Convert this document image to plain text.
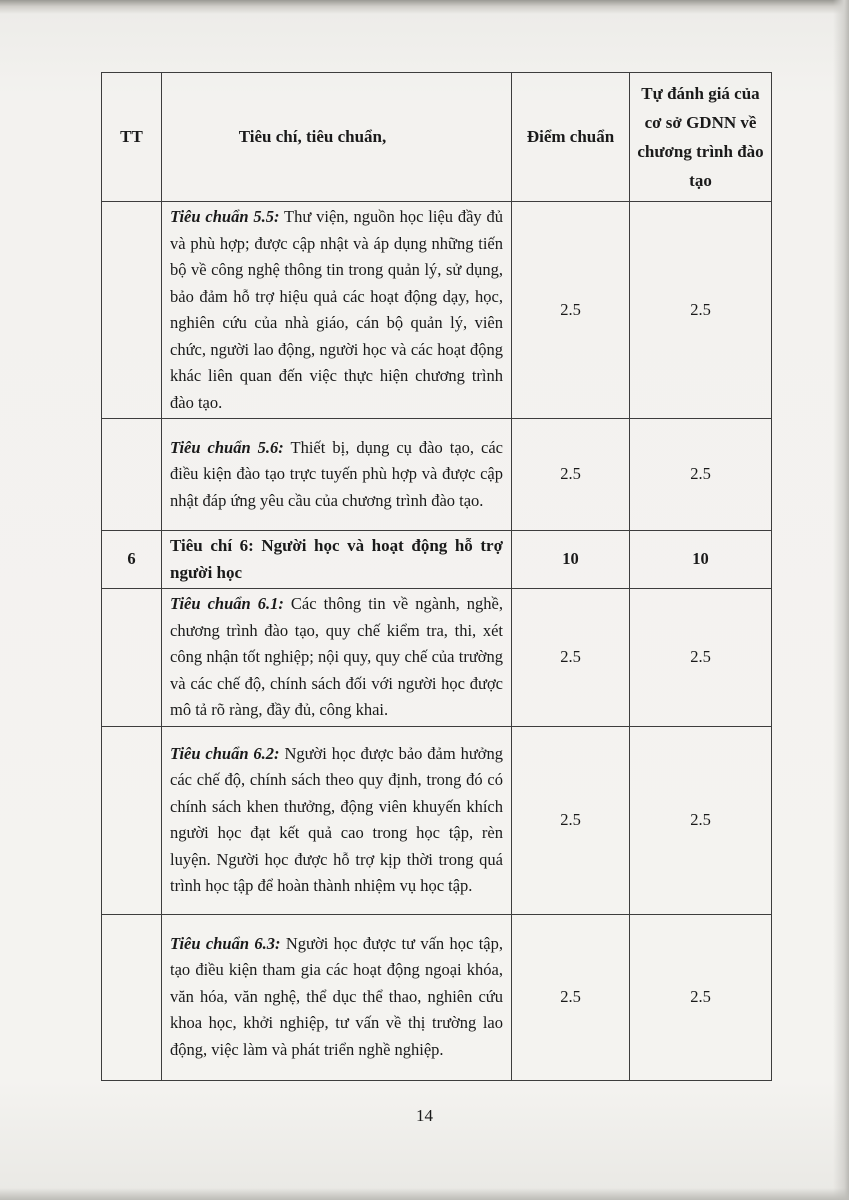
TT	Tiêu chí, tiêu chuẩn,	Điểm chuẩn	Tự đánh giá của cơ sở GDNN về chương trình đào tạo
	Tiêu chuẩn 5.5: Thư viện, nguồn học liệu đầy đủ và phù hợp; được cập nhật và áp dụng những tiến bộ về công nghệ thông tin trong quản lý, sử dụng, bảo đảm hỗ trợ hiệu quả các hoạt động dạy, học, nghiên cứu của nhà giáo, cán bộ quản lý, viên chức, người lao động, người học và các hoạt động khác liên quan đến việc thực hiện chương trình đào tạo.	2.5	2.5
	Tiêu chuẩn 5.6: Thiết bị, dụng cụ đào tạo, các điều kiện đào tạo trực tuyến phù hợp và được cập nhật đáp ứng yêu cầu của chương trình đào tạo.	2.5	2.5
6	Tiêu chí 6: Người học và hoạt động hỗ trợ người học	10	10
	Tiêu chuẩn 6.1: Các thông tin về ngành, nghề, chương trình đào tạo, quy chế kiểm tra, thi, xét công nhận tốt nghiệp; nội quy, quy chế của trường và các chế độ, chính sách đối với người học được mô tả rõ ràng, đầy đủ, công khai.	2.5	2.5
	Tiêu chuẩn 6.2: Người học được bảo đảm hưởng các chế độ, chính sách theo quy định, trong đó có chính sách khen thưởng, động viên khuyến khích người học đạt kết quả cao trong học tập, rèn luyện. Người học được hỗ trợ kịp thời trong quá trình học tập để hoàn thành nhiệm vụ học tập.	2.5	2.5
	Tiêu chuẩn 6.3: Người học được tư vấn học tập, tạo điều kiện tham gia các hoạt động ngoại khóa, văn hóa, văn nghệ, thể dục thể thao, nghiên cứu khoa học, khởi nghiệp, tư vấn về thị trường lao động, việc làm và phát triển nghề nghiệp.	2.5	2.5
14
